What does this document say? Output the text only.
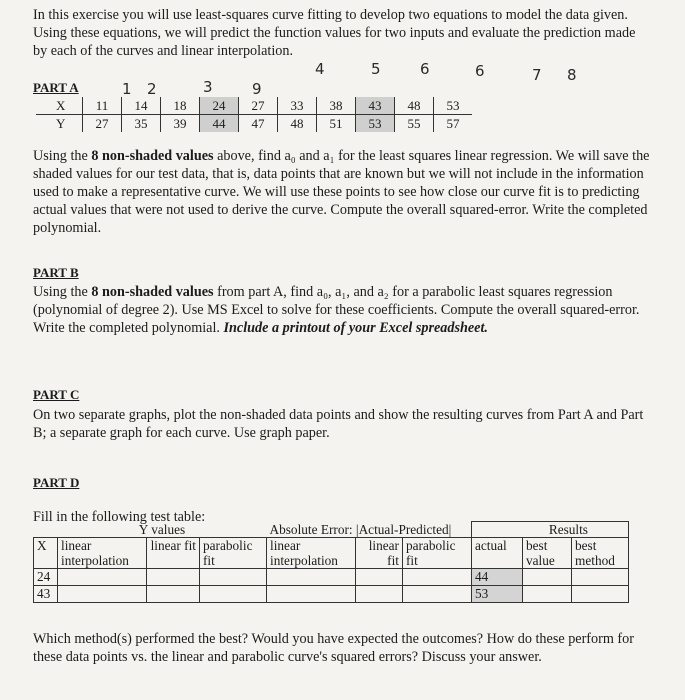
In this exercise you will use least-squares curve fitting to develop two equations to model the data given. Using these equations, we will predict the function values for two inputs and evaluate the prediction made by each of the curves and linear interpolation.

PART A	1 2	3	9
4	5	6	6	7 8
X	11	14	18	24	27	33	38	43	48	53
Y	27	35	39	44	47	48	51	53	55	57

Using the 8 non-shaded values above, find a₀ and a₁ for the least squares linear regression. We will save the shaded values for our test data, that is, data points that are known but we will not include in the information used to make a representative curve. We will use these points to see how close our curve fit is to predicting actual values that were not used to derive the curve. Compute the overall squared-error. Write the completed polynomial.

PART B

Using the 8 non-shaded values from part A, find a₀, a₁, and a₂ for a parabolic least squares regression (polynomial of degree 2). Use MS Excel to solve for these coefficients. Compute the overall squared-error. Write the completed polynomial. Include a printout of your Excel spreadsheet.

PART C

On two separate graphs, plot the non-shaded data points and show the resulting curves from Part A and Part B; a separate graph for each curve. Use graph paper.

PART D

Fill in the following test table:

	Y values			Absolute Error: |Actual-Predicted|			Results		
X	linear interpolation	linear fit	parabolic fit	linear interpolation	linear fit	parabolic fit	actual	best value	best method
24							44		
43							53		

Which method(s) performed the best? Would you have expected the outcomes? How do these perform for these data points vs. the linear and parabolic curve's squared errors? Discuss your answer.
